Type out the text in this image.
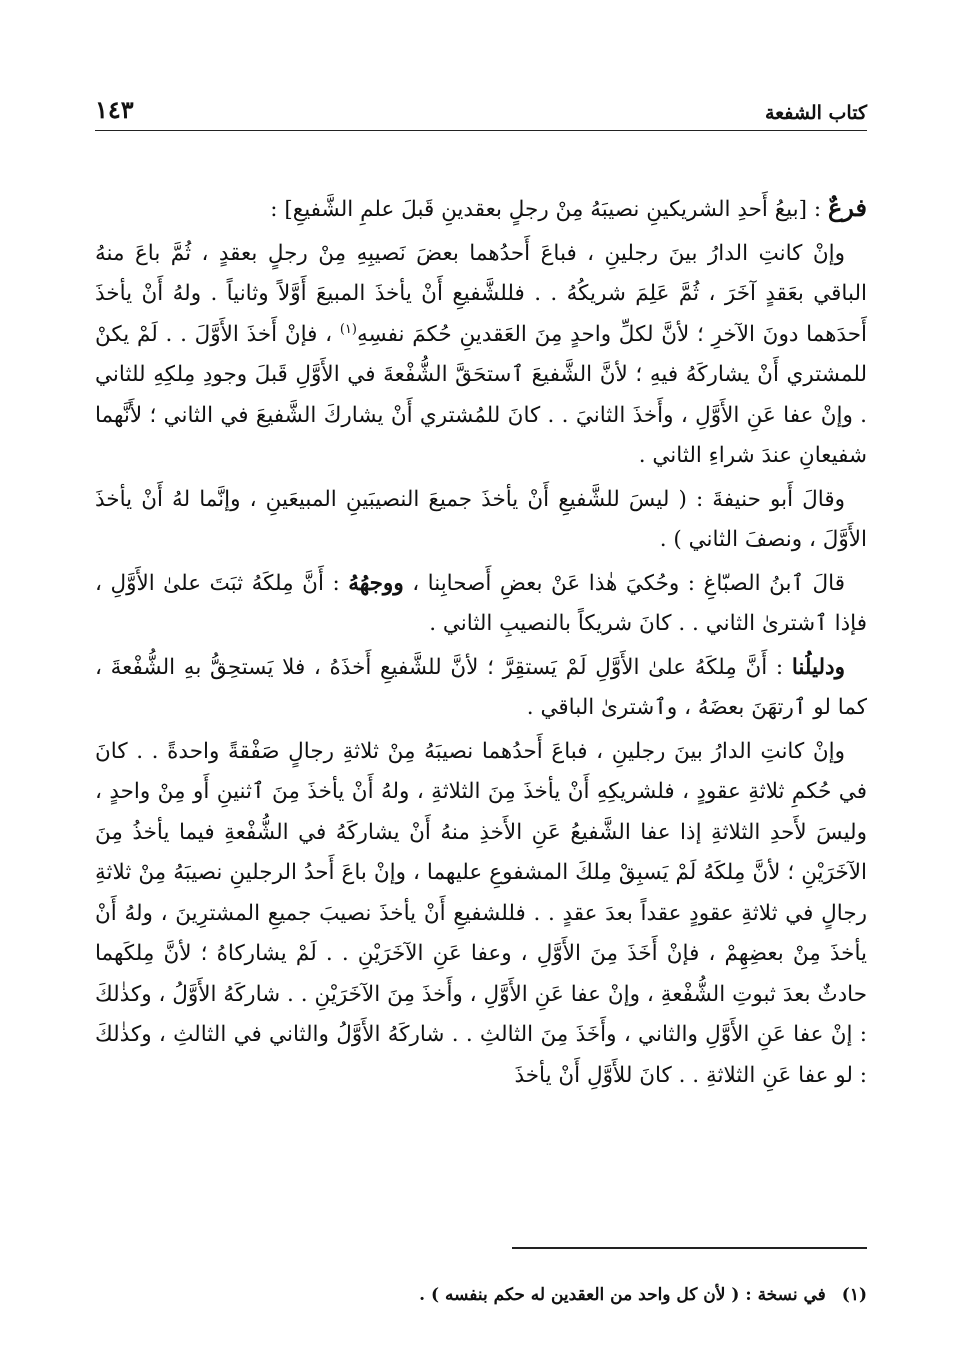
كتاب الشفعة
١٤٣

فرعٌ : [بيعُ أَحدِ الشريكينِ نصيبَهُ مِنْ رجلٍ بعقدينِ قَبلَ علمِ الشَّفيعِ] :

وإنْ كانتِ الدارُ بينَ رجلينِ ، فباعَ أَحدُهما بعضَ نَصيبِهِ مِنْ رجلٍ بعقدٍ ، ثُمَّ باعَ منهُ الباقي بعَقدٍ آخَرَ ، ثُمَّ عَلِمَ شريكُهُ . . فللشَّفيعِ أَنْ يأخذَ المبيعَ أَوَّلاً وثانياً . ولهُ أَنْ يأخذَ أَحدَهما دونَ الآخرِ ؛ لأنَّ لكلِّ واحدٍ مِنَ العَقدينِ حُكمَ نفسِهِ$^{(١)}$ ، فإنْ أَخذَ الأَوَّلَ . . لَمْ يكنْ للمشتري أَنْ يشاركَهُ فيهِ ؛ لأنَّ الشَّفيعَ ٱستحَقَّ الشُّفْعةَ في الأَوَّلِ قَبلَ وجودِ مِلكِهِ للثاني . وإنْ عفا عَنِ الأَوَّلِ ، وأَخذَ الثانيَ . . كانَ للمُشتري أَنْ يشاركَ الشَّفيعَ في الثاني ؛ لأَنَّهما شفيعانِ عندَ شراءِ الثاني .

وقالَ أَبو حنيفةَ : ( ليسَ للشَّفيعِ أَنْ يأخذَ جميعَ النصيبَينِ المبيعَينِ ، وإنَّما لهُ أَنْ يأخذَ الأَوَّلَ ، ونصفَ الثاني ) .

قالَ ٱبنُ الصبّاغِ : وحُكيَ هٰذا عَنْ بعضِ أَصحابِنا ، ووجهُهُ : أَنَّ مِلكَهُ ثبَتَ علىٰ الأَوَّلِ ، فإذا ٱشترىٰ الثاني . . كانَ شريكاً بالنصيبِ الثاني .

ودليلُنا : أَنَّ مِلكَهُ علىٰ الأَوَّلِ لَمْ يَستقِرَّ ؛ لأنَّ للشَّفيعِ أَخذَهُ ، فلا يَستحِقُّ بهِ الشُّفْعةَ ، كما لو ٱرتهَنَ بعضَهُ ، وٱشترىٰ الباقي .

وإنْ كانتِ الدارُ بينَ رجلينِ ، فباعَ أَحدُهما نصيبَهُ مِنْ ثلاثةِ رجالٍ صَفْقةً واحدةً . . كانَ في حُكمِ ثلاثةِ عقودٍ ، فلشريكِهِ أَنْ يأخذَ مِنَ الثلاثةِ ، ولهُ أَنْ يأخذَ مِنَ ٱثنينِ أَو مِنْ واحدٍ ، وليسَ لأَحدِ الثلاثةِ إذا عفا الشَّفيعُ عَنِ الأَخذِ منهُ أَنْ يشاركَهُ في الشُّفْعةِ فيما يأخذُ مِنَ الآخَرَيْنِ ؛ لأنَّ مِلكَهُ لَمْ يَسبِقْ مِلكَ المشفوعِ عليهما ، وإنْ باعَ أَحدُ الرجلينِ نصيبَهُ مِنْ ثلاثةِ رجالٍ في ثلاثةِ عقودٍ عقداً بعدَ عقدٍ . . فللشفيعِ أَنْ يأخذَ نصيبَ جميعِ المشترِينَ ، ولهُ أَنْ يأخذَ مِنْ بعضِهِمْ ، فإنْ أَخَذَ مِنَ الأَوَّلِ ، وعفا عَنِ الآخَرَيْنِ . . لَمْ يشاركاهُ ؛ لأنَّ مِلكَهما حادثٌ بعدَ ثبوتِ الشُّفْعةِ ، وإنْ عفا عَنِ الأَوَّلِ ، وأَخذَ مِنَ الآخَرَيْنِ . . شاركَهُ الأَوَّلُ ، وكذٰلكَ : إنْ عفا عَنِ الأَوَّلِ والثاني ، وأَخَذَ مِنَ الثالثِ . . شاركَهُ الأَوَّلُ والثاني في الثالثِ ، وكذٰلكَ : لو عفا عَنِ الثلاثةِ . . كانَ للأَوَّلِ أَنْ يأخذَ

(١)في نسخة : ( لأن كل واحد من العقدين له حكم بنفسه ) .
